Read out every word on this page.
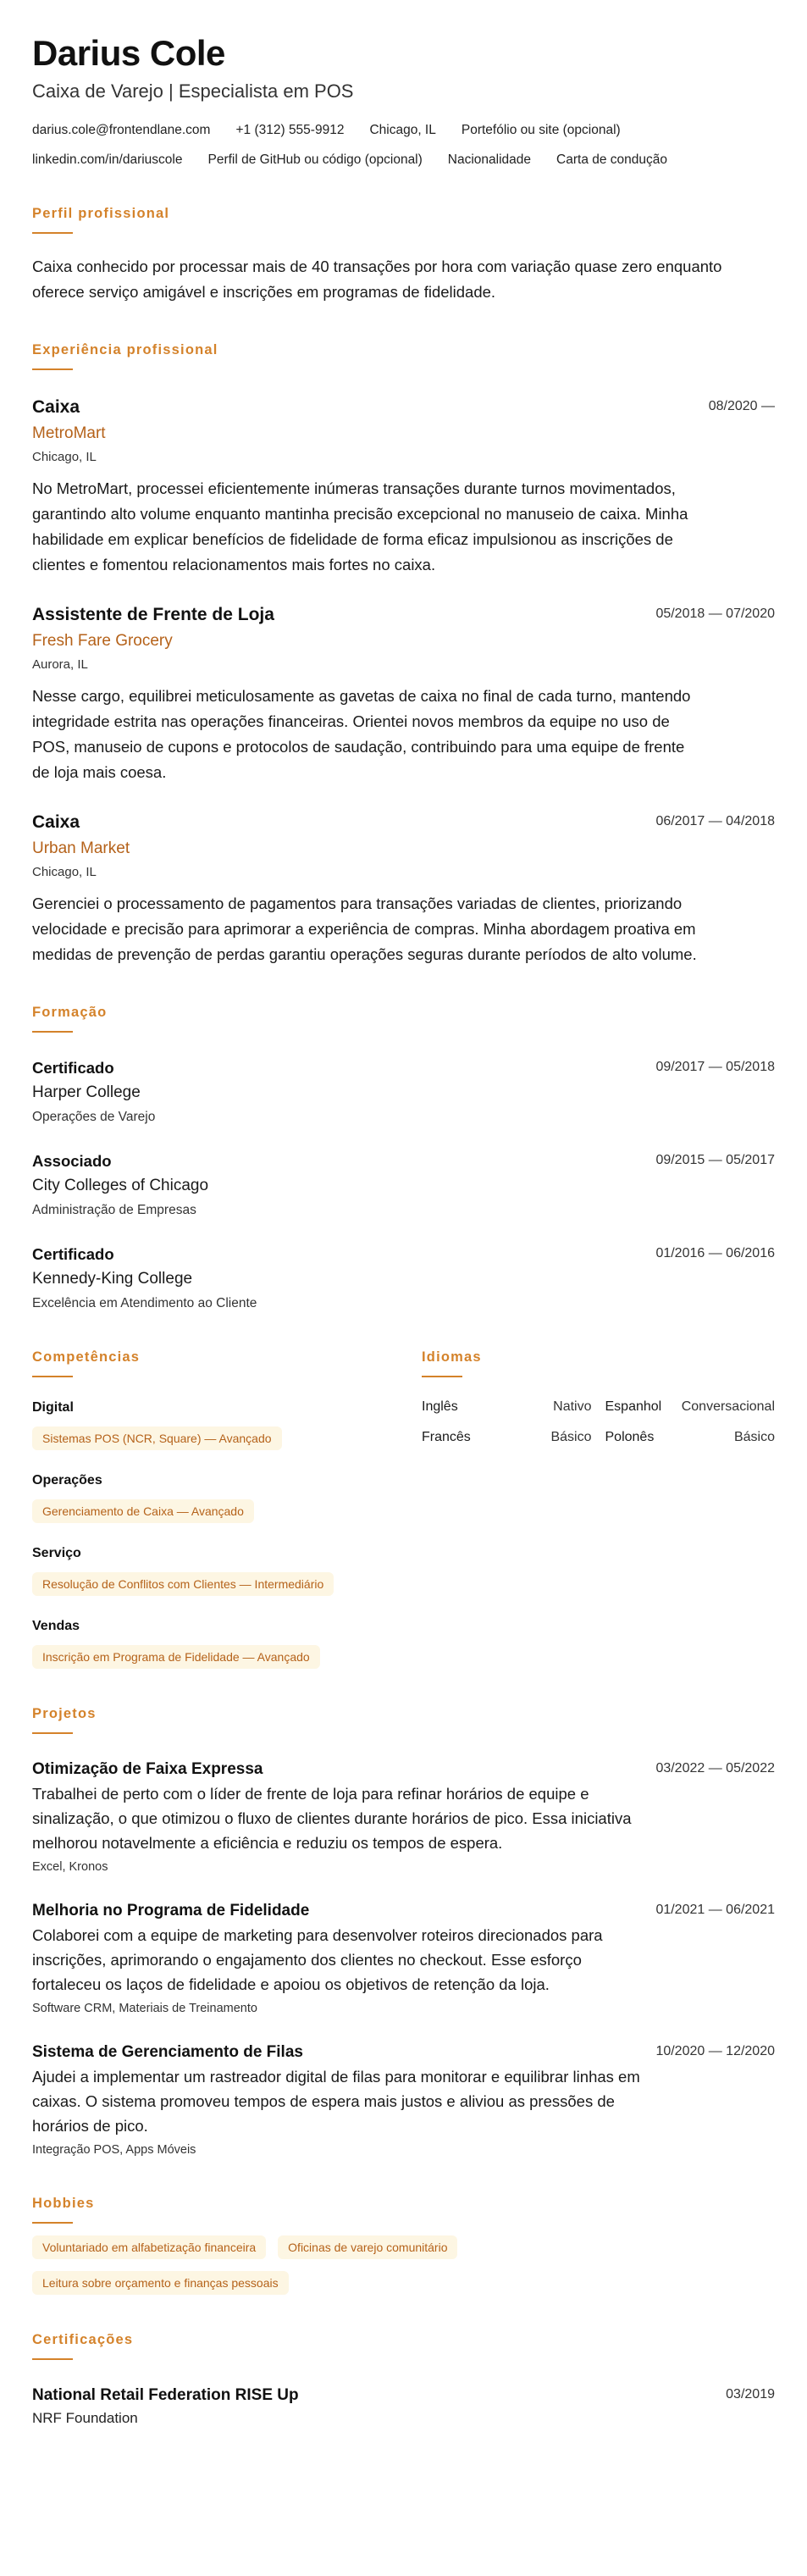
Darius Cole
Caixa de Varejo | Especialista em POS
darius.cole@frontendlane.com +1 (312) 555-9912 Chicago, IL Portefólio ou site (opcional)
linkedin.com/in/dariuscole Perfil de GitHub ou código (opcional) Nacionalidade Carta de condução
Perfil profissional
Caixa conhecido por processar mais de 40 transações por hora com variação quase zero enquanto oferece serviço amigável e inscrições em programas de fidelidade.
Experiência profissional
08/2020 —
Caixa
MetroMart
Chicago, IL
No MetroMart, processei eficientemente inúmeras transações durante turnos movimentados, garantindo alto volume enquanto mantinha precisão excepcional no manuseio de caixa. Minha habilidade em explicar benefícios de fidelidade de forma eficaz impulsionou as inscrições de clientes e fomentou relacionamentos mais fortes no caixa.
05/2018 — 07/2020
Assistente de Frente de Loja
Fresh Fare Grocery
Aurora, IL
Nesse cargo, equilibrei meticulosamente as gavetas de caixa no final de cada turno, mantendo integridade estrita nas operações financeiras. Orientei novos membros da equipe no uso de POS, manuseio de cupons e protocolos de saudação, contribuindo para uma equipe de frente de loja mais coesa.
06/2017 — 04/2018
Caixa
Urban Market
Chicago, IL
Gerenciei o processamento de pagamentos para transações variadas de clientes, priorizando velocidade e precisão para aprimorar a experiência de compras. Minha abordagem proativa em medidas de prevenção de perdas garantiu operações seguras durante períodos de alto volume.
Formação
09/2017 — 05/2018
Certificado
Harper College
Operações de Varejo
09/2015 — 05/2017
Associado
City Colleges of Chicago
Administração de Empresas
01/2016 — 06/2016
Certificado
Kennedy-King College
Excelência em Atendimento ao Cliente
Competências
Digital
Sistemas POS (NCR, Square) — Avançado
Operações
Gerenciamento de Caixa — Avançado
Serviço
Resolução de Conflitos com Clientes — Intermediário
Vendas
Inscrição em Programa de Fidelidade — Avançado
Idiomas
Inglês	Nativo Espanhol Conversacional
Francês	Básico Polonês	Básico
Projetos
03/2022 — 05/2022
Otimização de Faixa Expressa
Trabalhei de perto com o líder de frente de loja para refinar horários de equipe e sinalização, o que otimizou o fluxo de clientes durante horários de pico. Essa iniciativa melhorou notavelmente a eficiência e reduziu os tempos de espera.
Excel, Kronos
01/2021 — 06/2021
Melhoria no Programa de Fidelidade
Colaborei com a equipe de marketing para desenvolver roteiros direcionados para inscrições, aprimorando o engajamento dos clientes no checkout. Esse esforço fortaleceu os laços de fidelidade e apoiou os objetivos de retenção da loja.
Software CRM, Materiais de Treinamento
10/2020 — 12/2020
Sistema de Gerenciamento de Filas
Ajudei a implementar um rastreador digital de filas para monitorar e equilibrar linhas em caixas. O sistema promoveu tempos de espera mais justos e aliviou as pressões de horários de pico.
Integração POS, Apps Móveis
Hobbies
Voluntariado em alfabetização financeira	Oficinas de varejo comunitário
Leitura sobre orçamento e finanças pessoais
Certificações
03/2019
National Retail Federation RISE Up
NRF Foundation
